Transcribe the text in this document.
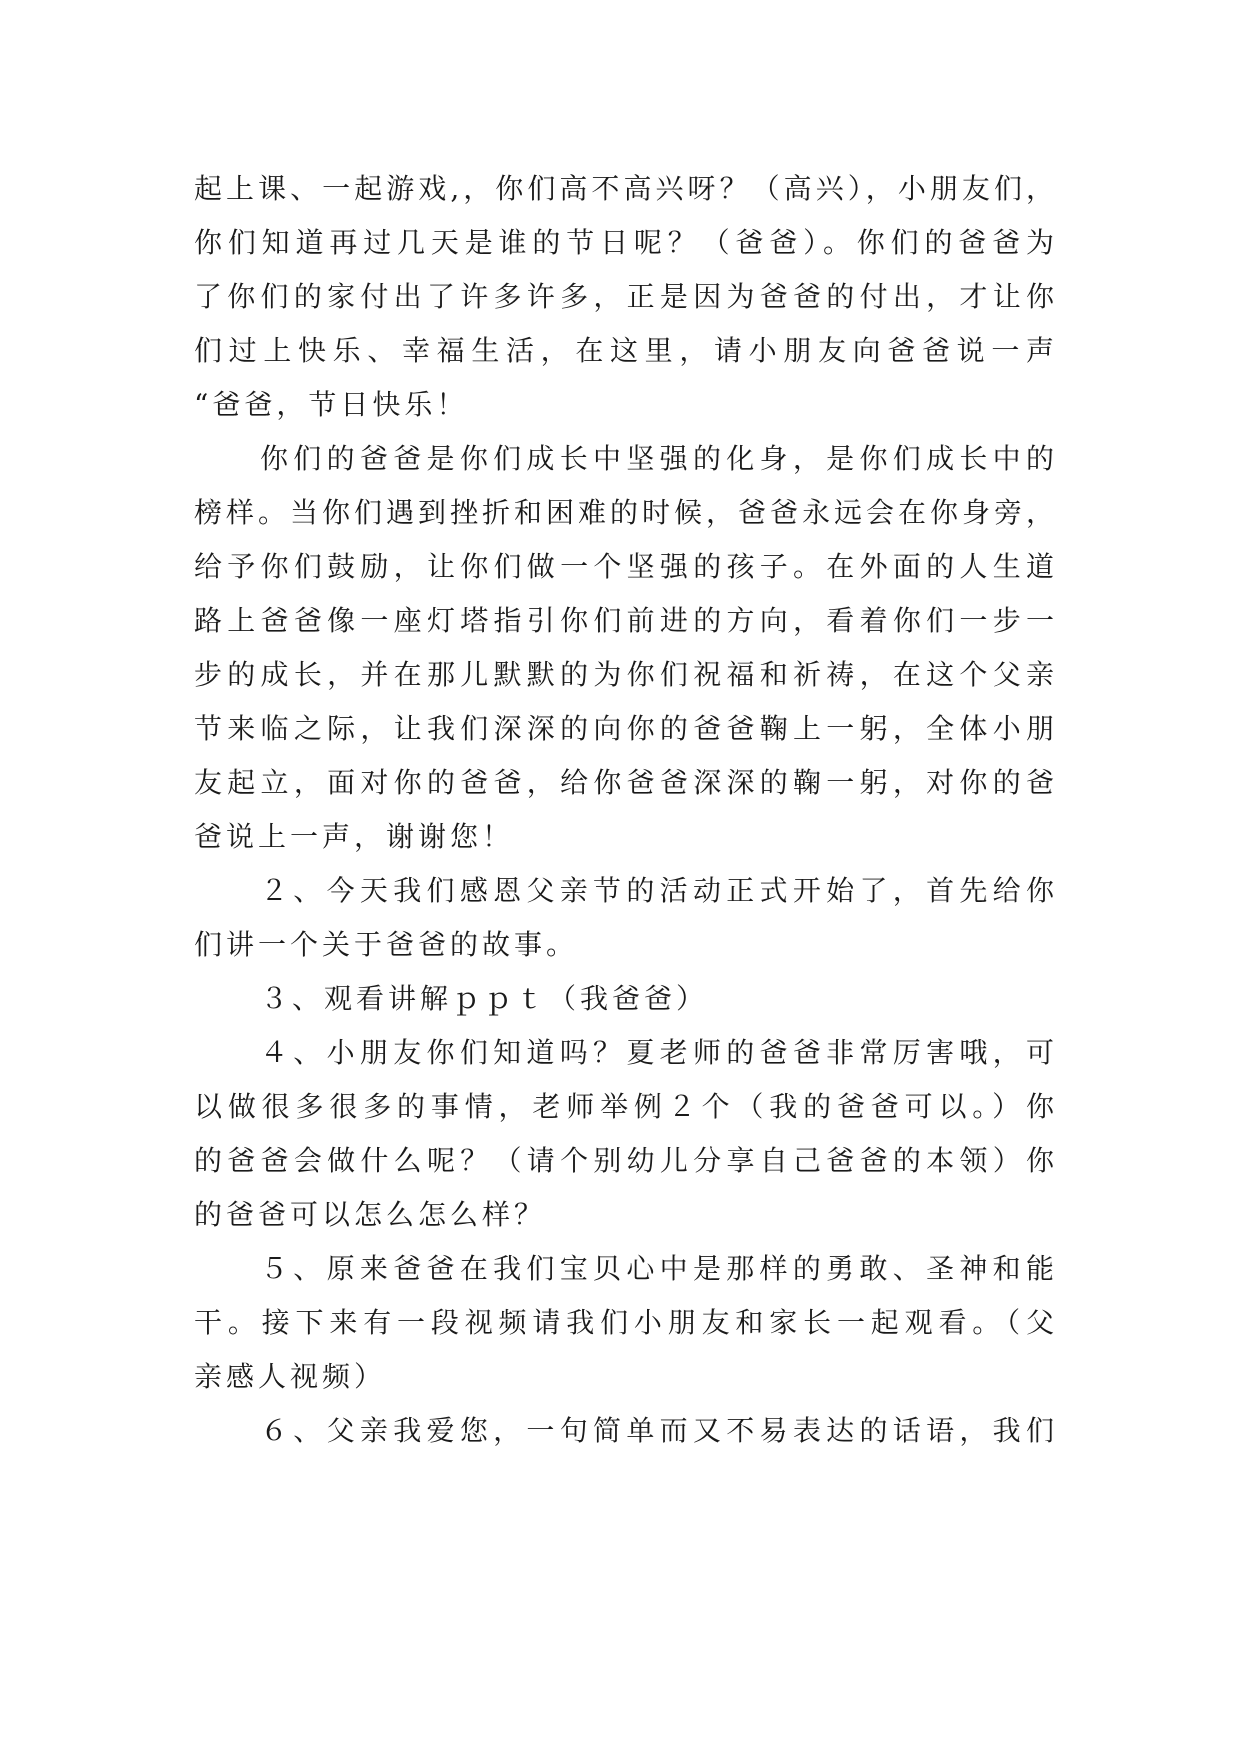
起上课、一起游戏,，你们高不高兴呀？（高兴），小朋友们，
你们知道再过几天是谁的节日呢？（爸爸）。你们的爸爸为
了你们的家付出了许多许多，正是因为爸爸的付出，才让你
们过上快乐、幸福生活，在这里，请小朋友向爸爸说一声
“爸爸，节日快乐！
你们的爸爸是你们成长中坚强的化身，是你们成长中的
榜样。当你们遇到挫折和困难的时候，爸爸永远会在你身旁，
给予你们鼓励，让你们做一个坚强的孩子。在外面的人生道
路上爸爸像一座灯塔指引你们前进的方向，看着你们一步一
步的成长，并在那儿默默的为你们祝福和祈祷，在这个父亲
节来临之际，让我们深深的向你的爸爸鞠上一躬，全体小朋
友起立，面对你的爸爸，给你爸爸深深的鞠一躬，对你的爸
爸说上一声，谢谢您！
２、今天我们感恩父亲节的活动正式开始了，首先给你
们讲一个关于爸爸的故事。
３、观看讲解ｐｐｔ（我爸爸）
４、小朋友你们知道吗？夏老师的爸爸非常厉害哦，可
以做很多很多的事情，老师举例２个（我的爸爸可以。）你
的爸爸会做什么呢？（请个别幼儿分享自己爸爸的本领）你
的爸爸可以怎么怎么样？
５、原来爸爸在我们宝贝心中是那样的勇敢、圣神和能
干。接下来有一段视频请我们小朋友和家长一起观看。（父
亲感人视频）
６、父亲我爱您，一句简单而又不易表达的话语，我们
